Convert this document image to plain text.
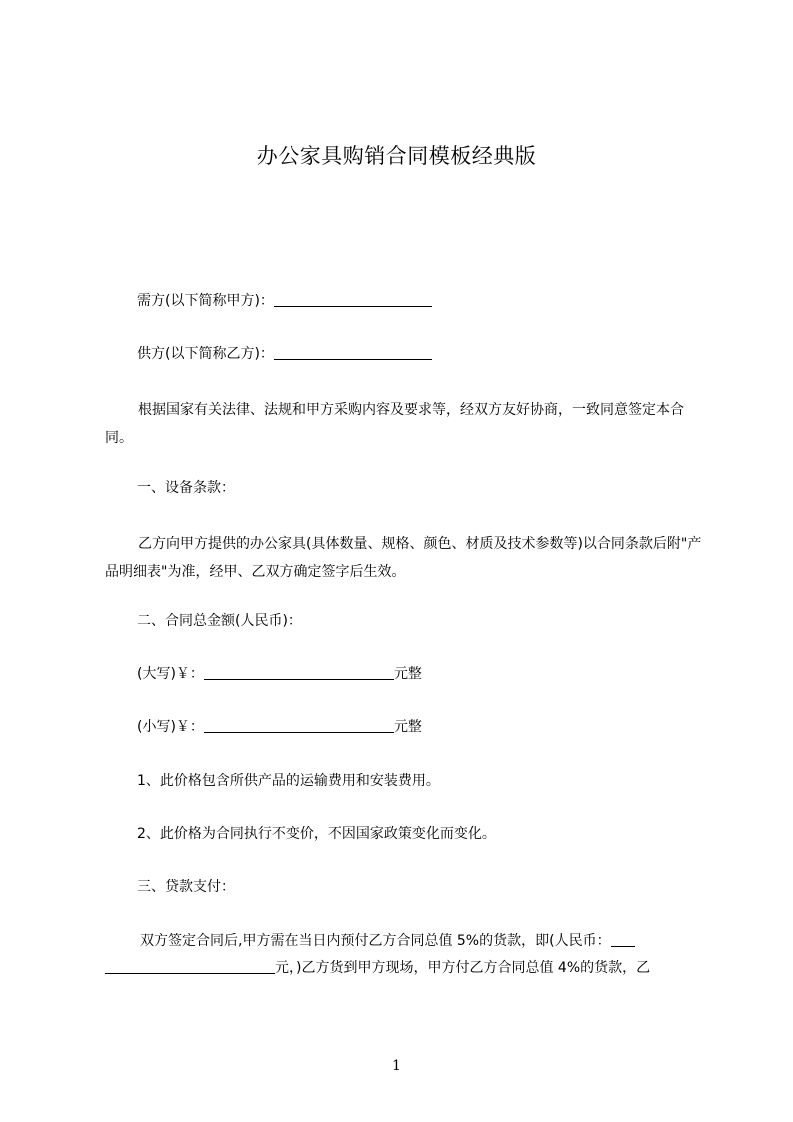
办公家具购销合同模板经典版
需方(以下简称甲方)：
供方(以下简称乙方)：
根据国家有关法律、法规和甲方采购内容及要求等，经双方友好协商，一致同意签定本合同。
一、设备条款：
乙方向甲方提供的办公家具(具体数量、规格、颜色、材质及技术参数等)以合同条款后附"产品明细表"为准，经甲、乙双方确定签字后生效。
二、合同总金额(人民币)：
(大写)￥：	元整
(小写)￥：	元整
1、此价格包含所供产品的运输费用和安装费用。
2、此价格为合同执行不变价，不因国家政策变化而变化。
三、贷款支付：
双方签定合同后,甲方需在当日内预付乙方合同总值 5%的货款，即(人民币：
元，)乙方货到甲方现场，甲方付乙方合同总值 4%的货款，乙
1
